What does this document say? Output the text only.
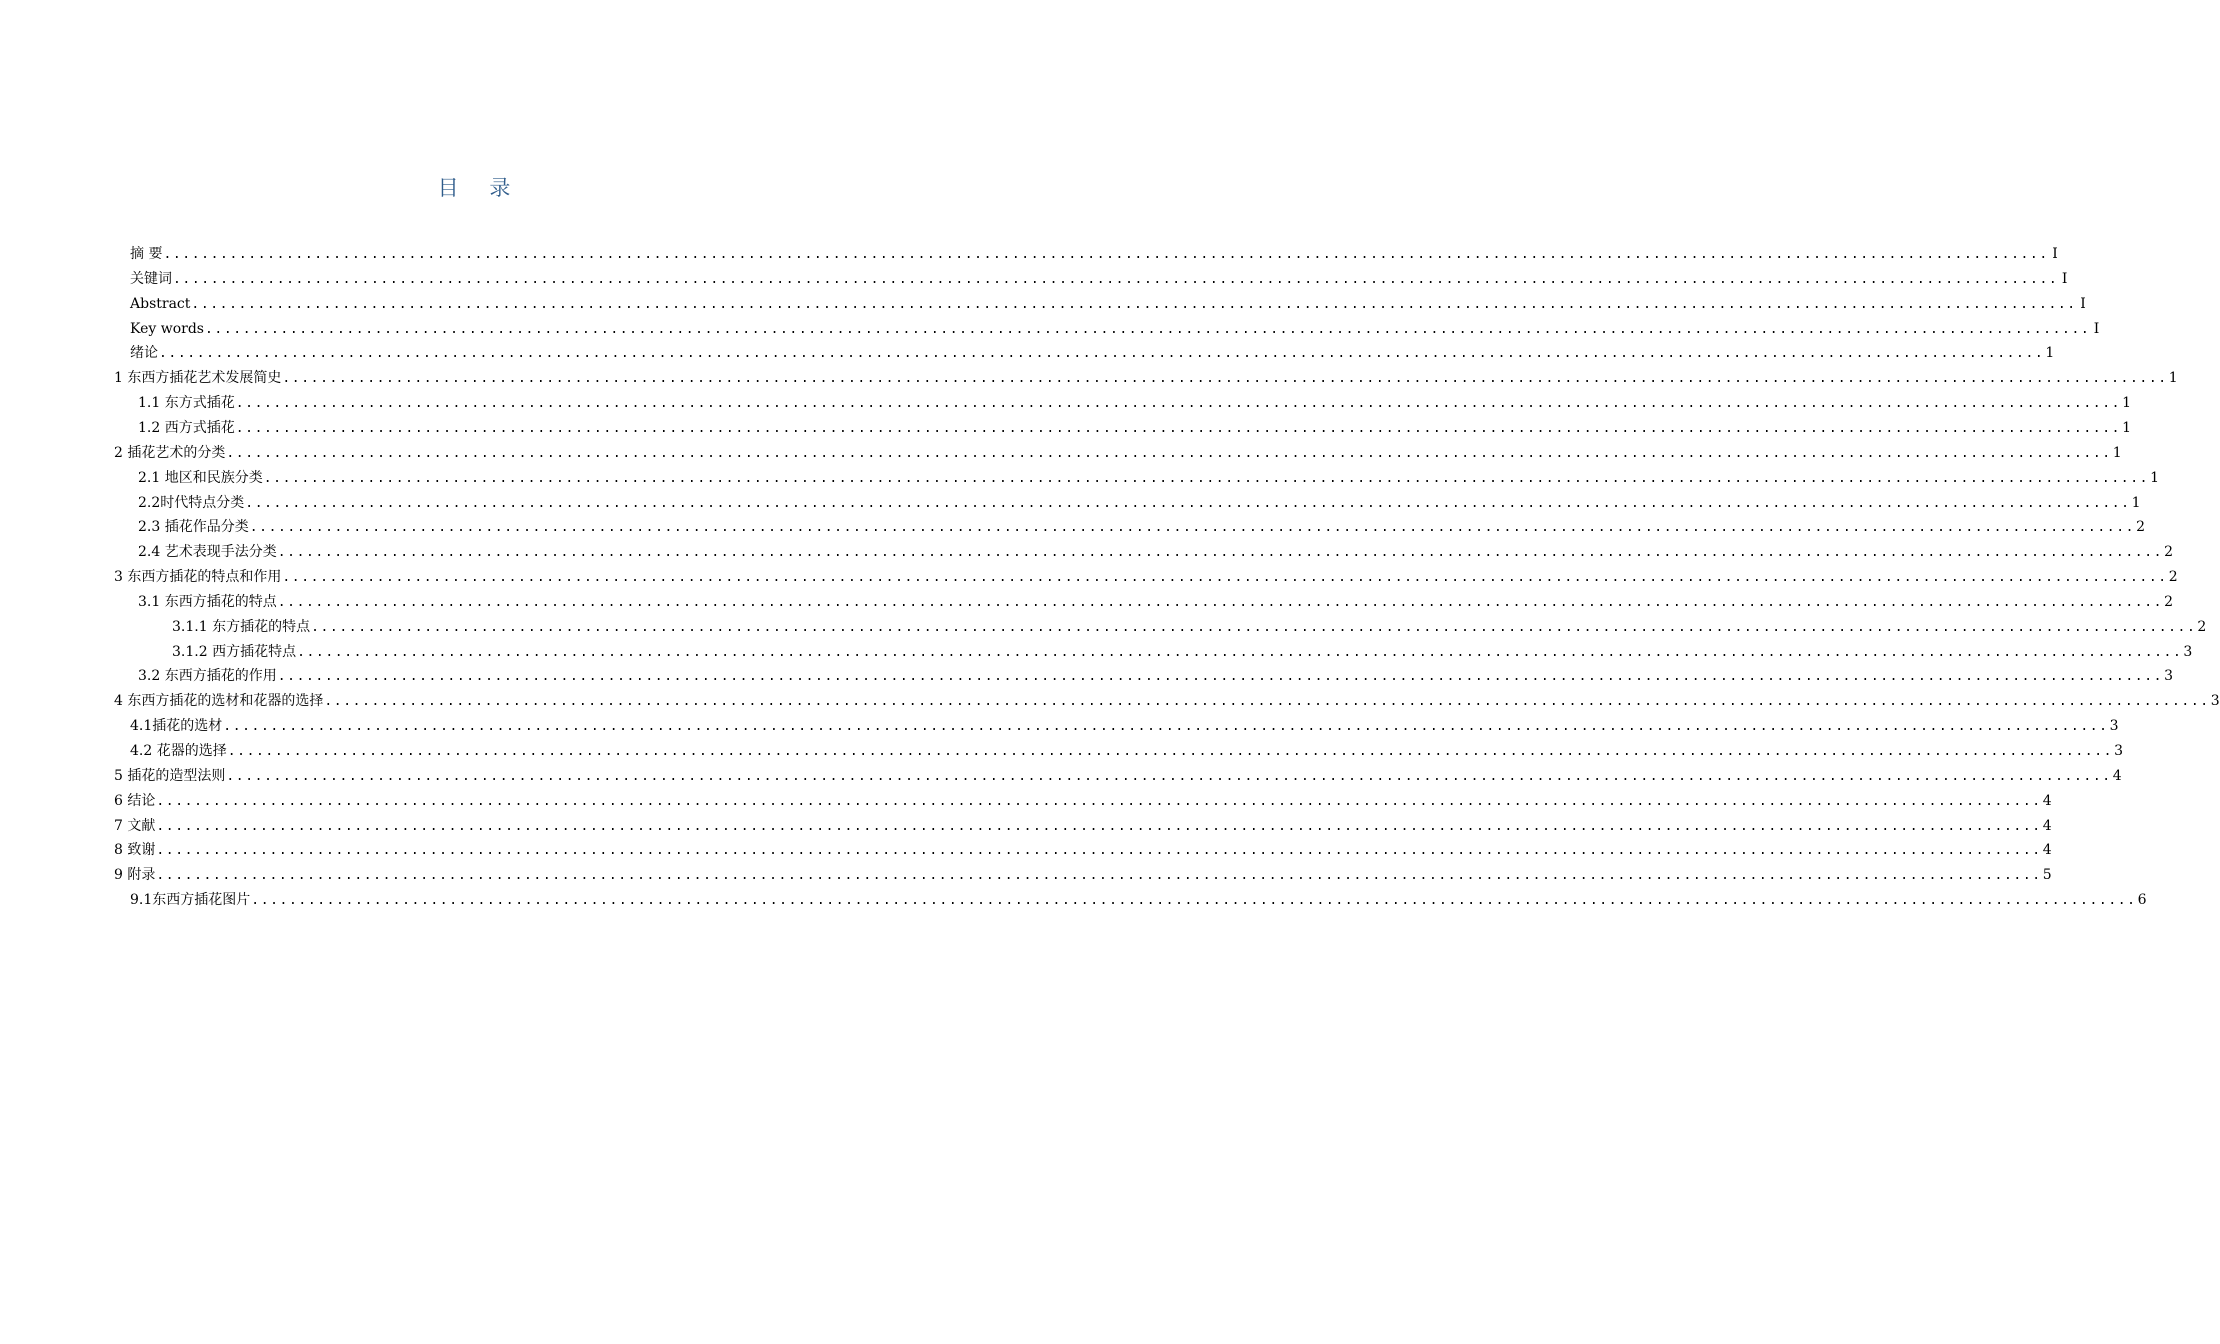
目 录
摘 要 ........................................................................................................................................................................................................ I
关键词 ........................................................................................................................................................................................................ I
Abstract ........................................................................................................................................................................................................ I
Key words ........................................................................................................................................................................................................ I
绪论 ........................................................................................................................................................................................................ 1
1 东西方插花艺术发展简史 ........................................................................................................................................................................................................ 1
1.1 东方式插花 ........................................................................................................................................................................................................ 1
1.2 西方式插花 ........................................................................................................................................................................................................ 1
2 插花艺术的分类 ........................................................................................................................................................................................................ 1
2.1 地区和民族分类 ........................................................................................................................................................................................................ 1
2.2时代特点分类 ........................................................................................................................................................................................................ 1
2.3 插花作品分类 ........................................................................................................................................................................................................ 2
2.4 艺术表现手法分类 ........................................................................................................................................................................................................ 2
3 东西方插花的特点和作用 ........................................................................................................................................................................................................ 2
3.1 东西方插花的特点 ........................................................................................................................................................................................................ 2
3.1.1 东方插花的特点 ........................................................................................................................................................................................................ 2
3.1.2 西方插花特点 ........................................................................................................................................................................................................ 3
3.2 东西方插花的作用 ........................................................................................................................................................................................................ 3
4 东西方插花的选材和花器的选择 ........................................................................................................................................................................................................ 3
4.1插花的选材 ........................................................................................................................................................................................................ 3
4.2 花器的选择 ........................................................................................................................................................................................................ 3
5 插花的造型法则 ........................................................................................................................................................................................................ 4
6 结论 ........................................................................................................................................................................................................ 4
7 文献 ........................................................................................................................................................................................................ 4
8 致谢 ........................................................................................................................................................................................................ 4
9 附录 ........................................................................................................................................................................................................ 5
9.1东西方插花图片 ........................................................................................................................................................................................................ 6
